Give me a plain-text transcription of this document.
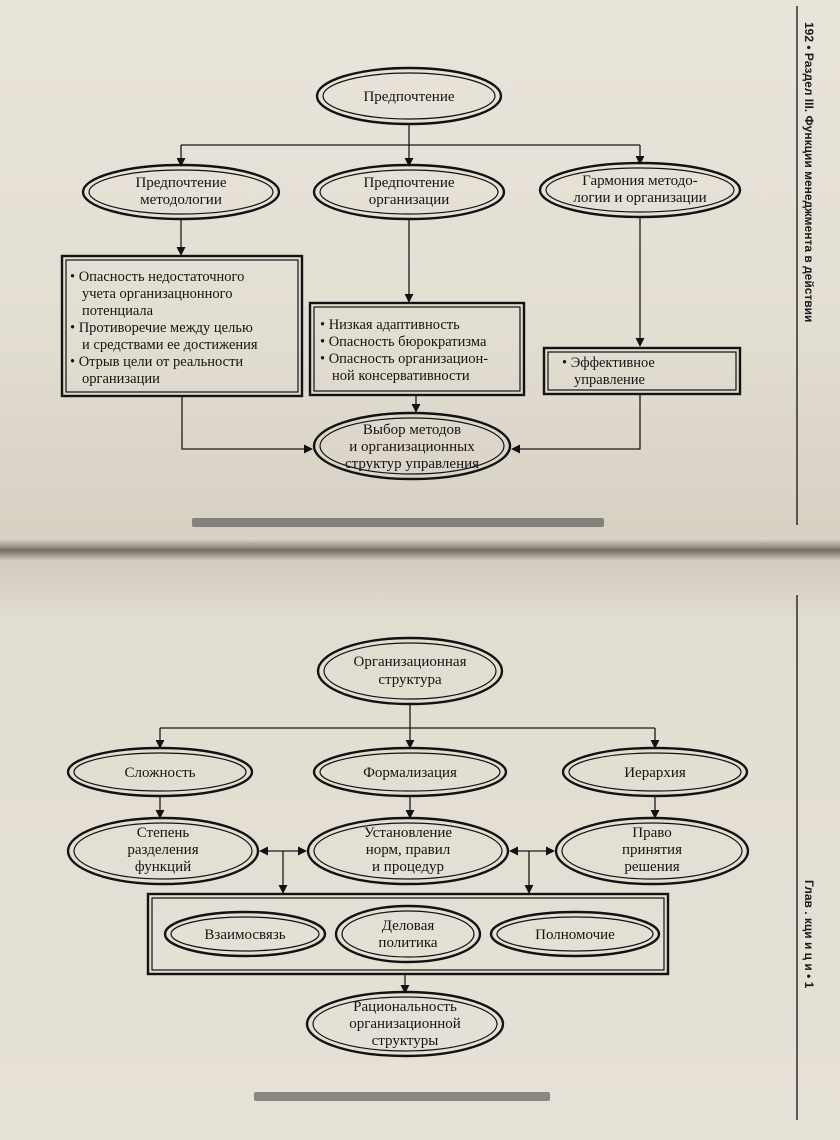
192 • Раздел III. Функции менеджмента в действии
Предпочтение
Предпочтение
методологии
Предпочтение
организации
Гармония методо-
логии и организации
• Опасность недостаточного
учета организацнонного
потенциала
• Противоречие между целью
и средствами ее достижения
• Отрыв цели от реальности
организации
• Низкая адаптивность
• Опасность бюрократизма
• Опасность организацион-
ной консервативности
• Эффективное
управление
Выбор методов
и организационных
структур управления
Глав . кци и ц и • 1
Организационная
структура
Сложность	Формализация	Иерархия
Степень
разделения
функций
Установление
норм, правил
и процедур
Право
принятия
решения
Взаимосвязь
Деловая
политика	Полномочие
Рациональность
организационной
структуры
